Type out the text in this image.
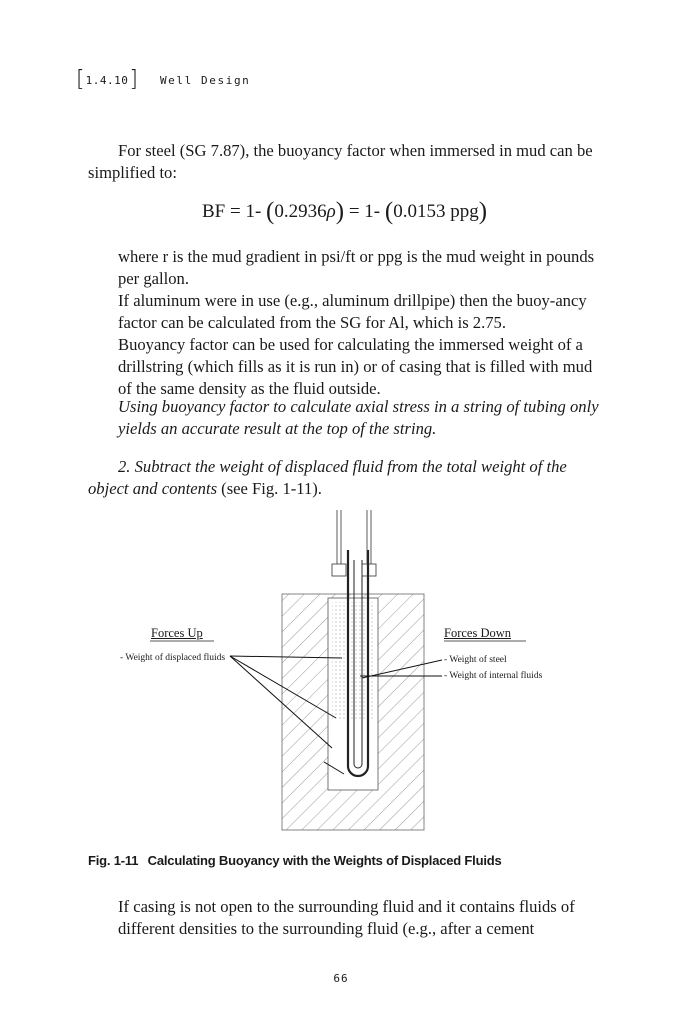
[ 1.4.10 ] Well Design

For steel (SG 7.87), the buoyancy factor when immersed in mud can be simplified to:

BF = 1- (0.2936ρ) = 1- (0.0153 ppg)

where r is the mud gradient in psi/ft or ppg is the mud weight in pounds per gallon.

If aluminum were in use (e.g., aluminum drillpipe) then the buoy-ancy factor can be calculated from the SG for Al, which is 2.75.

Buoyancy factor can be used for calculating the immersed weight of a drillstring (which fills as it is run in) or of casing that is filled with mud of the same density as the fluid outside.

Using buoyancy factor to calculate axial stress in a string of tubing only yields an accurate result at the top of the string.

2. Subtract the weight of displaced fluid from the total weight of the object and contents (see Fig. 1-11).

Forces Up
- Weight of displaced fluids
Forces Down
- Weight of steel
- Weight of internal fluids
Fig. 1-11 Calculating Buoyancy with the Weights of Displaced Fluids

If casing is not open to the surrounding fluid and it contains fluids of different densities to the surrounding fluid (e.g., after a cement

66
